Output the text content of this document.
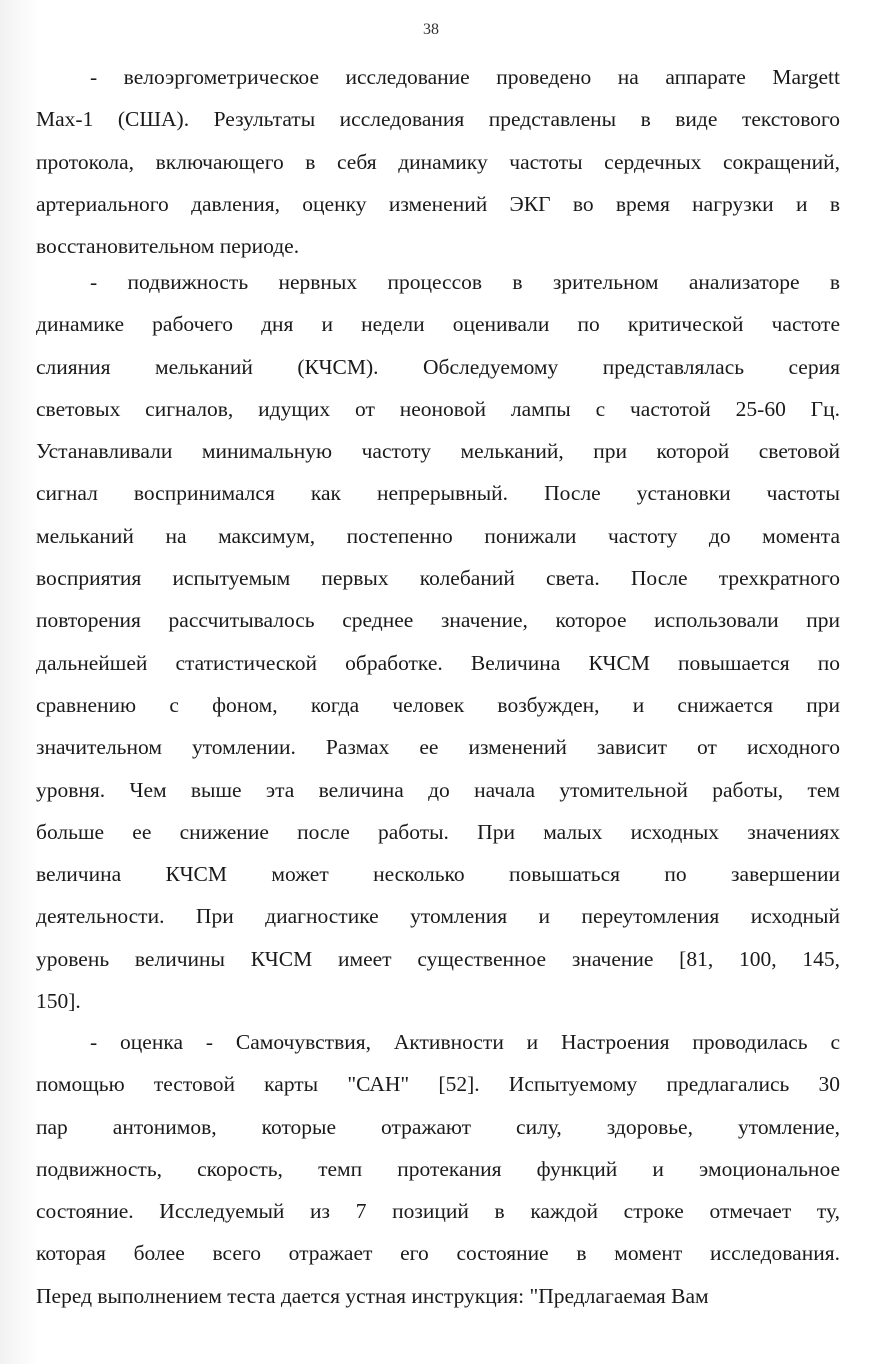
38
- велоэргометрическое исследование проведено на аппарате Margett
Max-1 (США). Результаты исследования представлены в виде текстового
протокола, включающего в себя динамику частоты сердечных сокращений,
артериального давления, оценку изменений ЭКГ во время нагрузки и в
восстановительном периоде.
- подвижность нервных процессов в зрительном анализаторе в
динамике рабочего дня и недели оценивали по критической частоте
слияния мельканий (КЧСМ). Обследуемому представлялась серия
световых сигналов, идущих от неоновой лампы с частотой 25-60 Гц.
Устанавливали минимальную частоту мельканий, при которой световой
сигнал воспринимался как непрерывный. После установки частоты
мельканий на максимум, постепенно понижали частоту до момента
восприятия испытуемым первых колебаний света. После трехкратного
повторения рассчитывалось среднее значение, которое использовали при
дальнейшей статистической обработке. Величина КЧСМ повышается по
сравнению с фоном, когда человек возбужден, и снижается при
значительном утомлении. Размах ее изменений зависит от исходного
уровня. Чем выше эта величина до начала утомительной работы, тем
больше ее снижение после работы. При малых исходных значениях
величина КЧСМ может несколько повышаться по завершении
деятельности. При диагностике утомления и переутомления исходный
уровень величины КЧСМ имеет существенное значение [81, 100, 145,
150].
- оценка - Самочувствия, Активности и Настроения проводилась с
помощью тестовой карты "САН" [52]. Испытуемому предлагались 30
пар антонимов, которые отражают силу, здоровье, утомление,
подвижность, скорость, темп протекания функций и эмоциональное
состояние. Исследуемый из 7 позиций в каждой строке отмечает ту,
которая более всего отражает его состояние в момент исследования.
Перед выполнением теста дается устная инструкция: "Предлагаемая Вам
